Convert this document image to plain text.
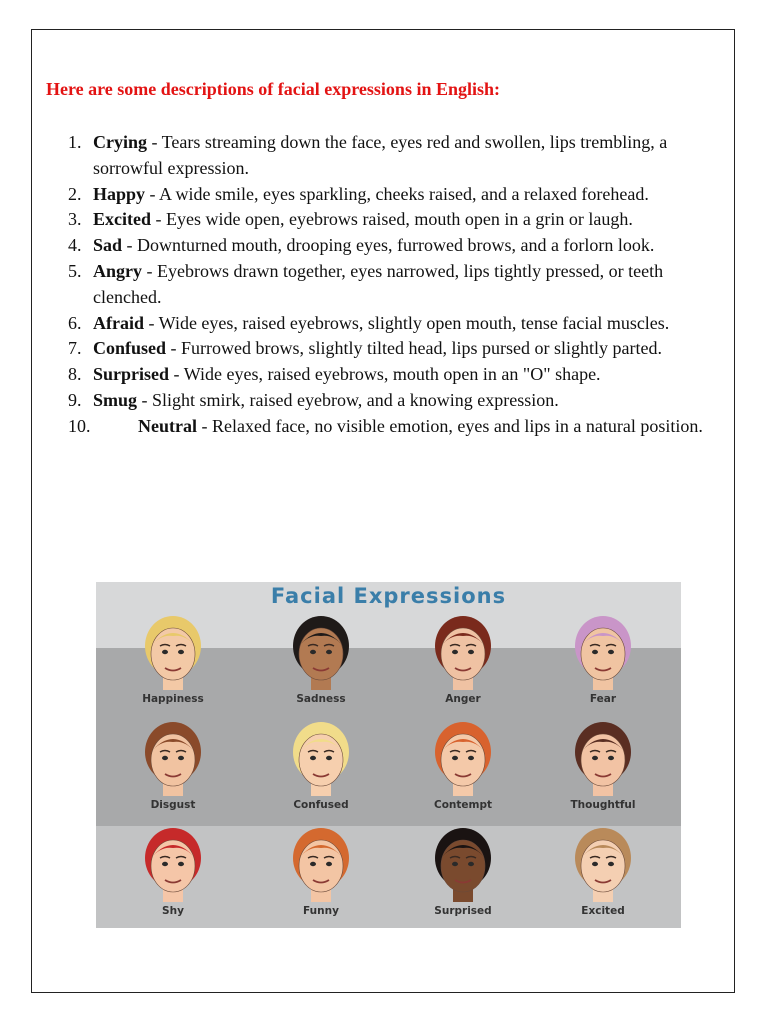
Here are some descriptions of facial expressions in English:
1. Crying - Tears streaming down the face, eyes red and swollen, lips trembling, a sorrowful expression.
2. Happy - A wide smile, eyes sparkling, cheeks raised, and a relaxed forehead.
3. Excited - Eyes wide open, eyebrows raised, mouth open in a grin or laugh.
4. Sad - Downturned mouth, drooping eyes, furrowed brows, and a forlorn look.
5. Angry - Eyebrows drawn together, eyes narrowed, lips tightly pressed, or teeth clenched.
6. Afraid - Wide eyes, raised eyebrows, slightly open mouth, tense facial muscles.
7. Confused - Furrowed brows, slightly tilted head, lips pursed or slightly parted.
8. Surprised - Wide eyes, raised eyebrows, mouth open in an "O" shape.
9. Smug - Slight smirk, raised eyebrow, and a knowing expression.
10.	Neutral - Relaxed face, no visible emotion, eyes and lips in a natural position.
Facial Expressions
Happiness	Sadness	Anger	Fear
Disgust	Confused	Contempt	Thoughtful
Shy	Funny	Surprised	Excited
